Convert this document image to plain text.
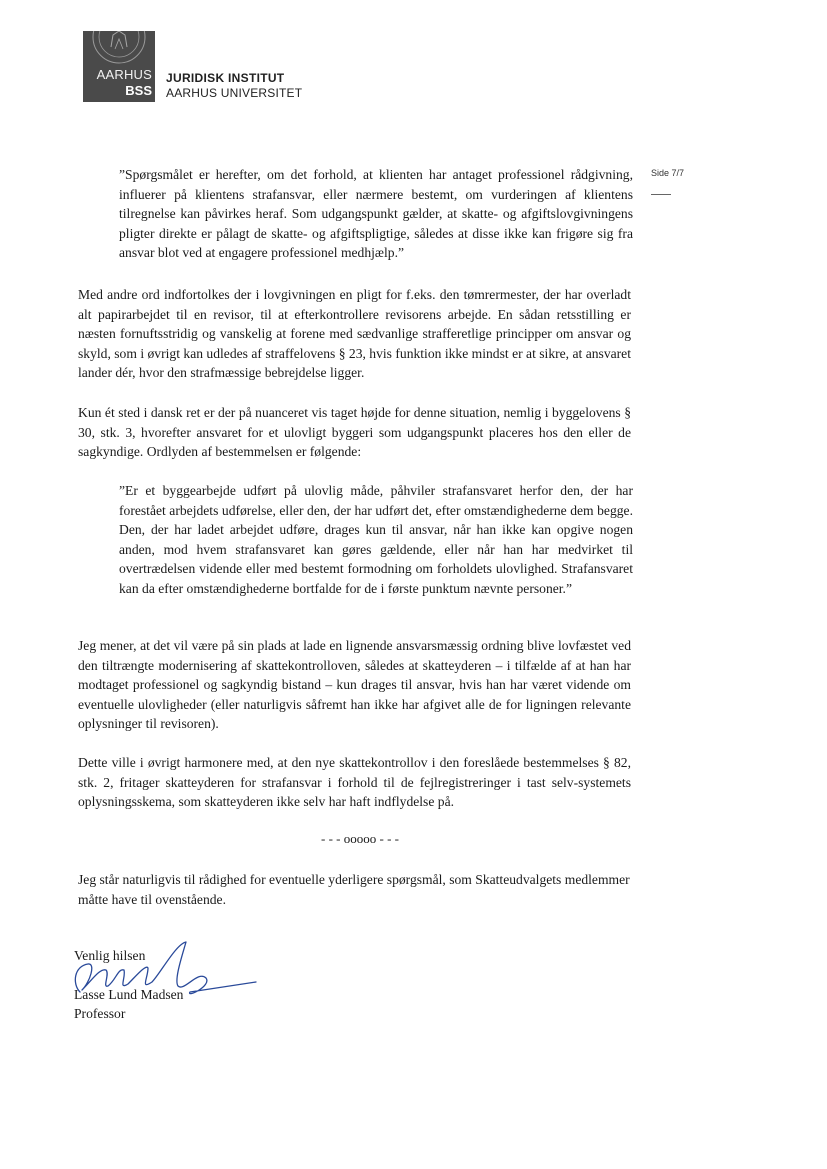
AARHUS
BSS
JURIDISK INSTITUT
AARHUS UNIVERSITET
Side 7/7

”Spørgsmålet er herefter, om det forhold, at klienten har antaget professionel rådgivning, influerer på klientens strafansvar, eller nærmere bestemt, om vurderingen af klientens tilregnelse kan påvirkes heraf. Som udgangspunkt gælder, at skatte- og afgiftslovgivningens pligter direkte er pålagt de skatte- og afgiftspligtige, således at disse ikke kan frigøre sig fra ansvar blot ved at engagere professionel medhjælp.”

Med andre ord indfortolkes der i lovgivningen en pligt for f.eks. den tømrermester, der har overladt alt papirarbejdet til en revisor, til at efterkontrollere revisorens arbejde. En sådan retsstilling er næsten fornuftsstridig og vanskelig at forene med sædvanlige strafferetlige principper om ansvar og skyld, som i øvrigt kan udledes af straffelovens § 23, hvis funktion ikke mindst er at sikre, at ansvaret lander dér, hvor den strafmæssige bebrejdelse ligger.

Kun ét sted i dansk ret er der på nuanceret vis taget højde for denne situation, nemlig i byggelovens § 30, stk. 3, hvorefter ansvaret for et ulovligt byggeri som udgangspunkt placeres hos den eller de sagkyndige. Ordlyden af bestemmelsen er følgende:

”Er et byggearbejde udført på ulovlig måde, påhviler strafansvaret herfor den, der har forestået arbejdets udførelse, eller den, der har udført det, efter omstændighederne dem begge. Den, der har ladet arbejdet udføre, drages kun til ansvar, når han ikke kan opgive nogen anden, mod hvem strafansvaret kan gøres gældende, eller når han har medvirket til overtrædelsen vidende eller med bestemt formodning om forholdets ulovlighed. Strafansvaret kan da efter omstændighederne bortfalde for de i første punktum nævnte personer.”

Jeg mener, at det vil være på sin plads at lade en lignende ansvarsmæssig ordning blive lovfæstet ved den tiltrængte modernisering af skattekontrolloven, således at skatteyderen – i tilfælde af at han har modtaget professionel og sagkyndig bistand – kun drages til ansvar, hvis han har været vidende om eventuelle ulovligheder (eller naturligvis såfremt han ikke har afgivet alle de for ligningen relevante oplysninger til revisoren).

Dette ville i øvrigt harmonere med, at den nye skattekontrollov i den foreslåede bestemmelses § 82, stk. 2, fritager skatteyderen for strafansvar i forhold til de fejlregistreringer i tast selv-systemets oplysningsskema, som skatteyderen ikke selv har haft indflydelse på.

- - - ooooo - - -

Jeg står naturligvis til rådighed for eventuelle yderligere spørgsmål, som Skatteudvalgets medlemmer måtte have til ovenstående.

Venlig hilsen
Lasse Lund Madsen
Professor
